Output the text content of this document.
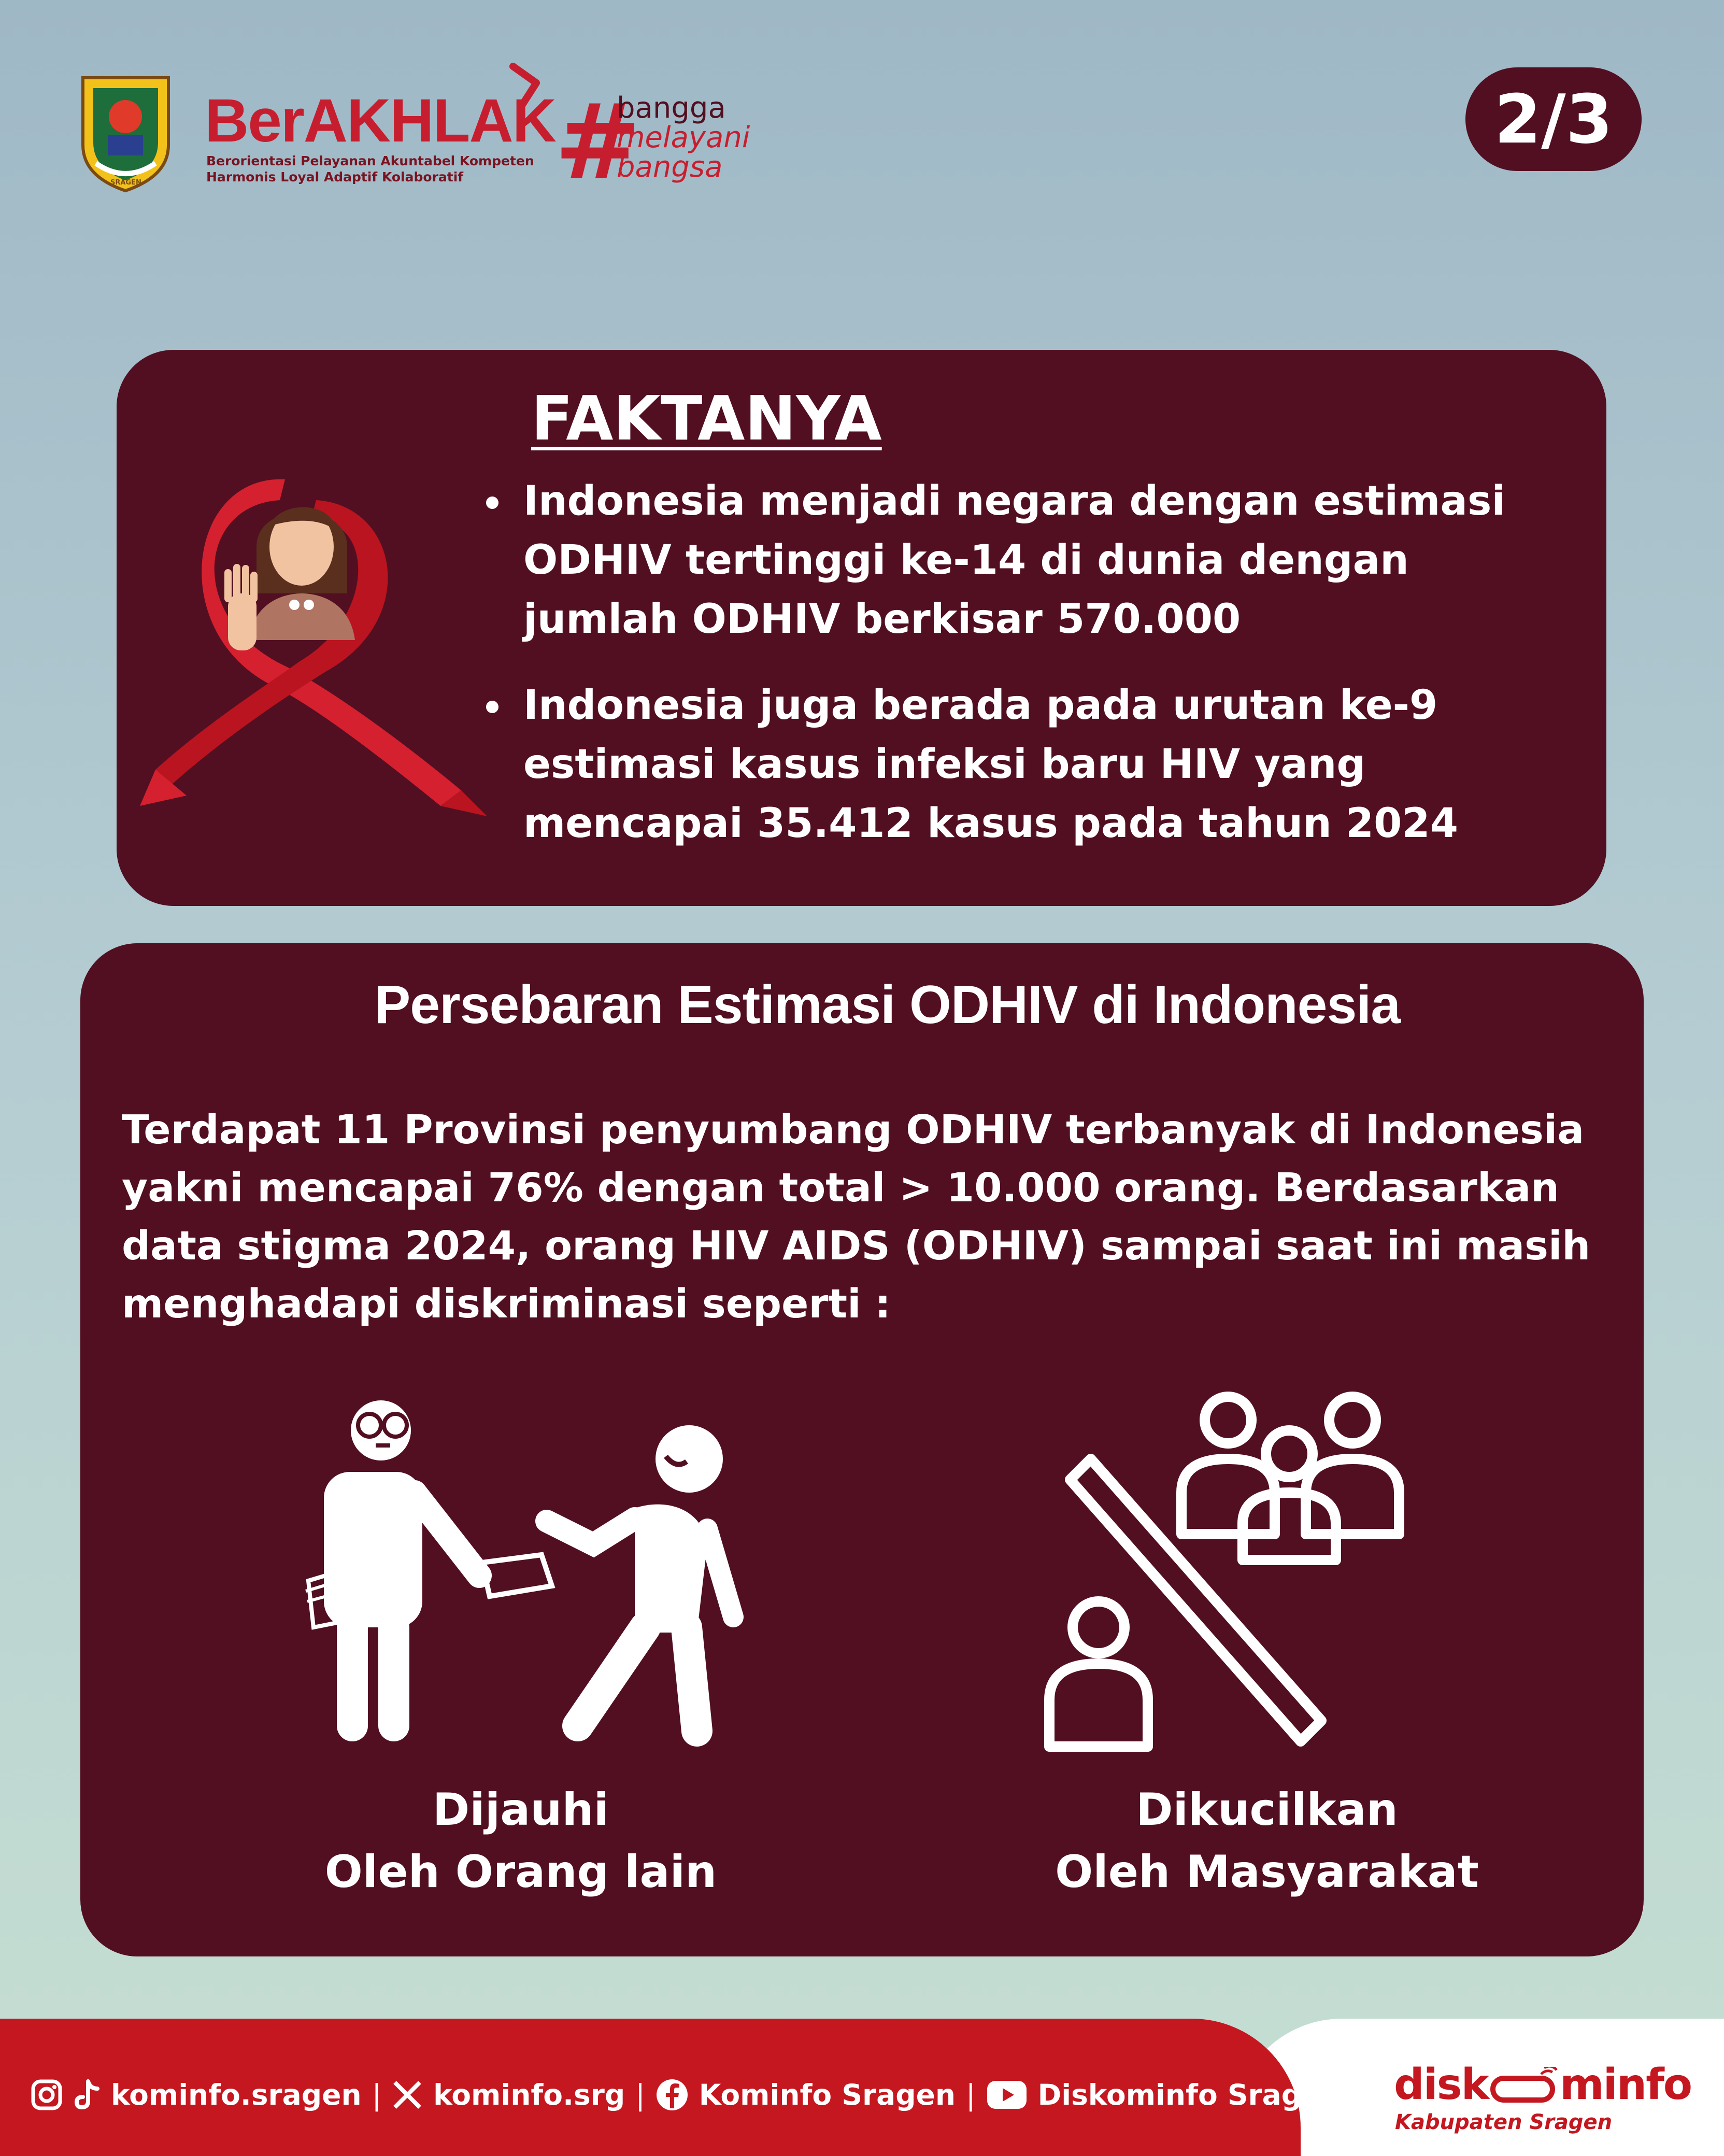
SRAGEN
BerAKHLAK
Berorientasi Pelayanan Akuntabel Kompeten
Harmonis Loyal Adaptif Kolaboratif #
bangga
melayani
bangsa
2/3
FAKTANYA
Indonesia menjadi negara dengan estimasi ODHIV tertinggi ke-14 di dunia dengan jumlah ODHIV berkisar 570.000
Indonesia juga berada pada urutan ke-9 estimasi kasus infeksi baru HIV yang mencapai 35.412 kasus pada tahun 2024
Persebaran Estimasi ODHIV di Indonesia
Terdapat 11 Provinsi penyumbang ODHIV terbanyak di Indonesia yakni mencapai 76% dengan total > 10.000 orang. Berdasarkan data stigma 2024, orang HIV AIDS (ODHIV) sampai saat ini masih menghadapi diskriminasi seperti :
Dijauhi
Oleh Orang lain
Dikucilkan
Oleh Masyarakat
kominfo.sragen | kominfo.srg | Kominfo Sragen | Diskominfo Sragen disk minfo
Kabupaten Sragen
